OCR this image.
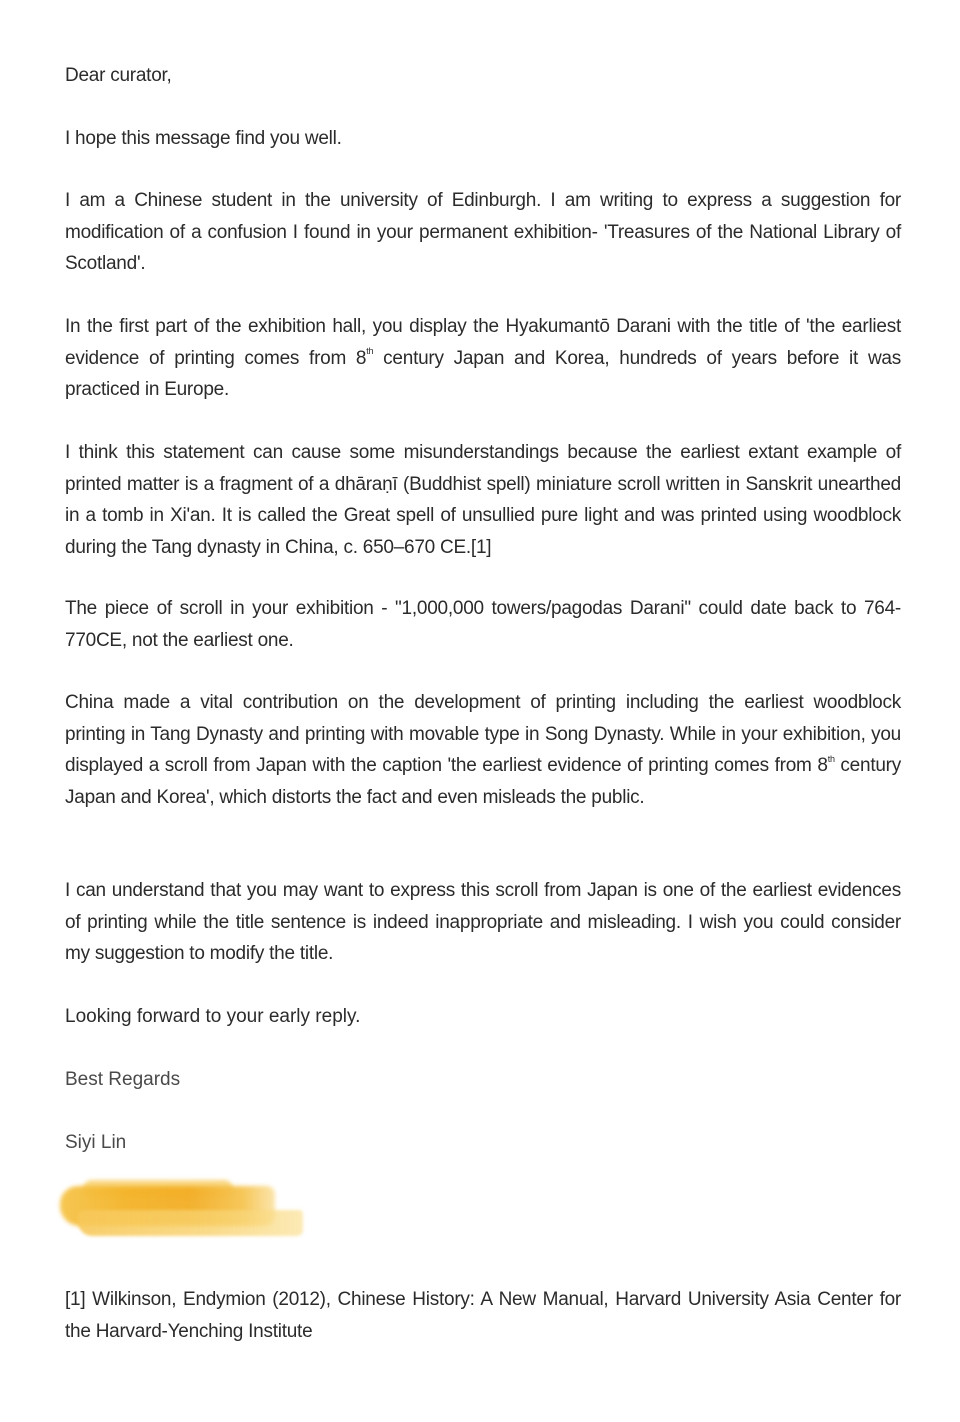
Dear curator,
I hope this message find you well.
I am a Chinese student in the university of Edinburgh. I am writing to express a suggestion for modification of a confusion I found in your permanent exhibition- 'Treasures of the National Library of Scotland'.
In the first part of the exhibition hall, you display the Hyakumantō Darani with the title of 'the earliest evidence of printing comes from 8th century Japan and Korea, hundreds of years before it was practiced in Europe.
I think this statement can cause some misunderstandings because the earliest extant example of printed matter is a fragment of a dhāraṇī (Buddhist spell) miniature scroll written in Sanskrit unearthed in a tomb in Xi'an. It is called the Great spell of unsullied pure light and was printed using woodblock during the Tang dynasty in China, c. 650–670 CE.[1]
The piece of scroll in your exhibition - "1,000,000 towers/pagodas Darani" could date back to 764-770CE, not the earliest one.
China made a vital contribution on the development of printing including the earliest woodblock printing in Tang Dynasty and printing with movable type in Song Dynasty. While in your exhibition, you displayed a scroll from Japan with the caption 'the earliest evidence of printing comes from 8th century Japan and Korea', which distorts the fact and even misleads the public.
I can understand that you may want to express this scroll from Japan is one of the earliest evidences of printing while the title sentence is indeed inappropriate and misleading. I wish you could consider my suggestion to modify the title.
Looking forward to your early reply.
Best Regards
Siyi Lin
[1] Wilkinson, Endymion (2012), Chinese History: A New Manual, Harvard University Asia Center for the Harvard-Yenching Institute
